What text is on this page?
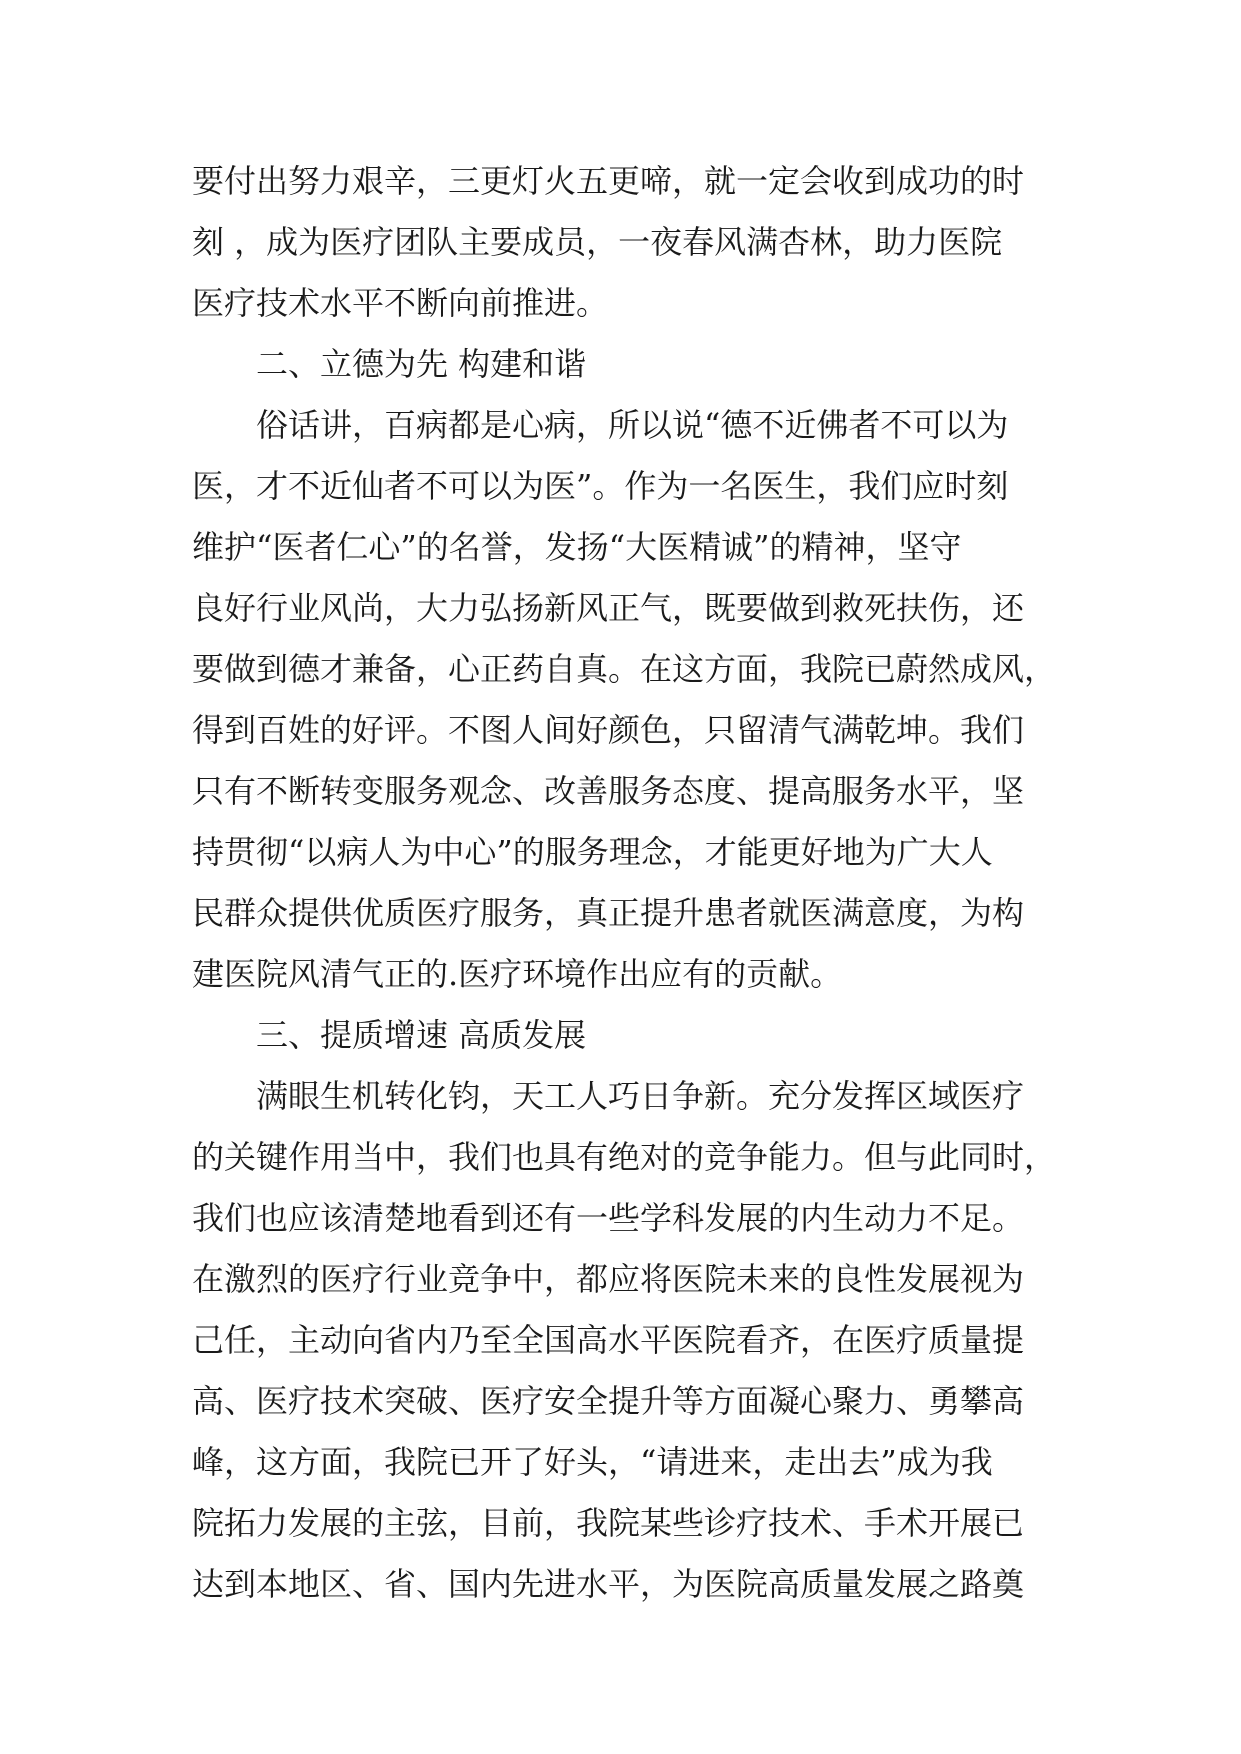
要付出努力艰辛，三更灯火五更啼，就一定会收到成功的时
刻 ，成为医疗团队主要成员，一夜春风满杏林，助力医院
医疗技术水平不断向前推进。
二、立德为先 构建和谐
俗话讲，百病都是心病，所以说“德不近佛者不可以为
医，才不近仙者不可以为医”。作为一名医生，我们应时刻
维护“医者仁心”的名誉，发扬“大医精诚”的精神，坚守
良好行业风尚，大力弘扬新风正气，既要做到救死扶伤，还
要做到德才兼备，心正药自真。在这方面，我院已蔚然成风，
得到百姓的好评。不图人间好颜色，只留清气满乾坤。我们
只有不断转变服务观念、改善服务态度、提高服务水平，坚
持贯彻“以病人为中心”的服务理念，才能更好地为广大人
民群众提供优质医疗服务，真正提升患者就医满意度，为构
建医院风清气正的.医疗环境作出应有的贡献。
三、提质增速 高质发展
满眼生机转化钧，天工人巧日争新。充分发挥区域医疗
的关键作用当中，我们也具有绝对的竞争能力。但与此同时，
我们也应该清楚地看到还有一些学科发展的内生动力不足。
在激烈的医疗行业竞争中，都应将医院未来的良性发展视为
己任，主动向省内乃至全国高水平医院看齐，在医疗质量提
高、医疗技术突破、医疗安全提升等方面凝心聚力、勇攀高
峰，这方面，我院已开了好头，“请进来，走出去”成为我
院拓力发展的主弦，目前，我院某些诊疗技术、手术开展已
达到本地区、省、国内先进水平，为医院高质量发展之路奠
